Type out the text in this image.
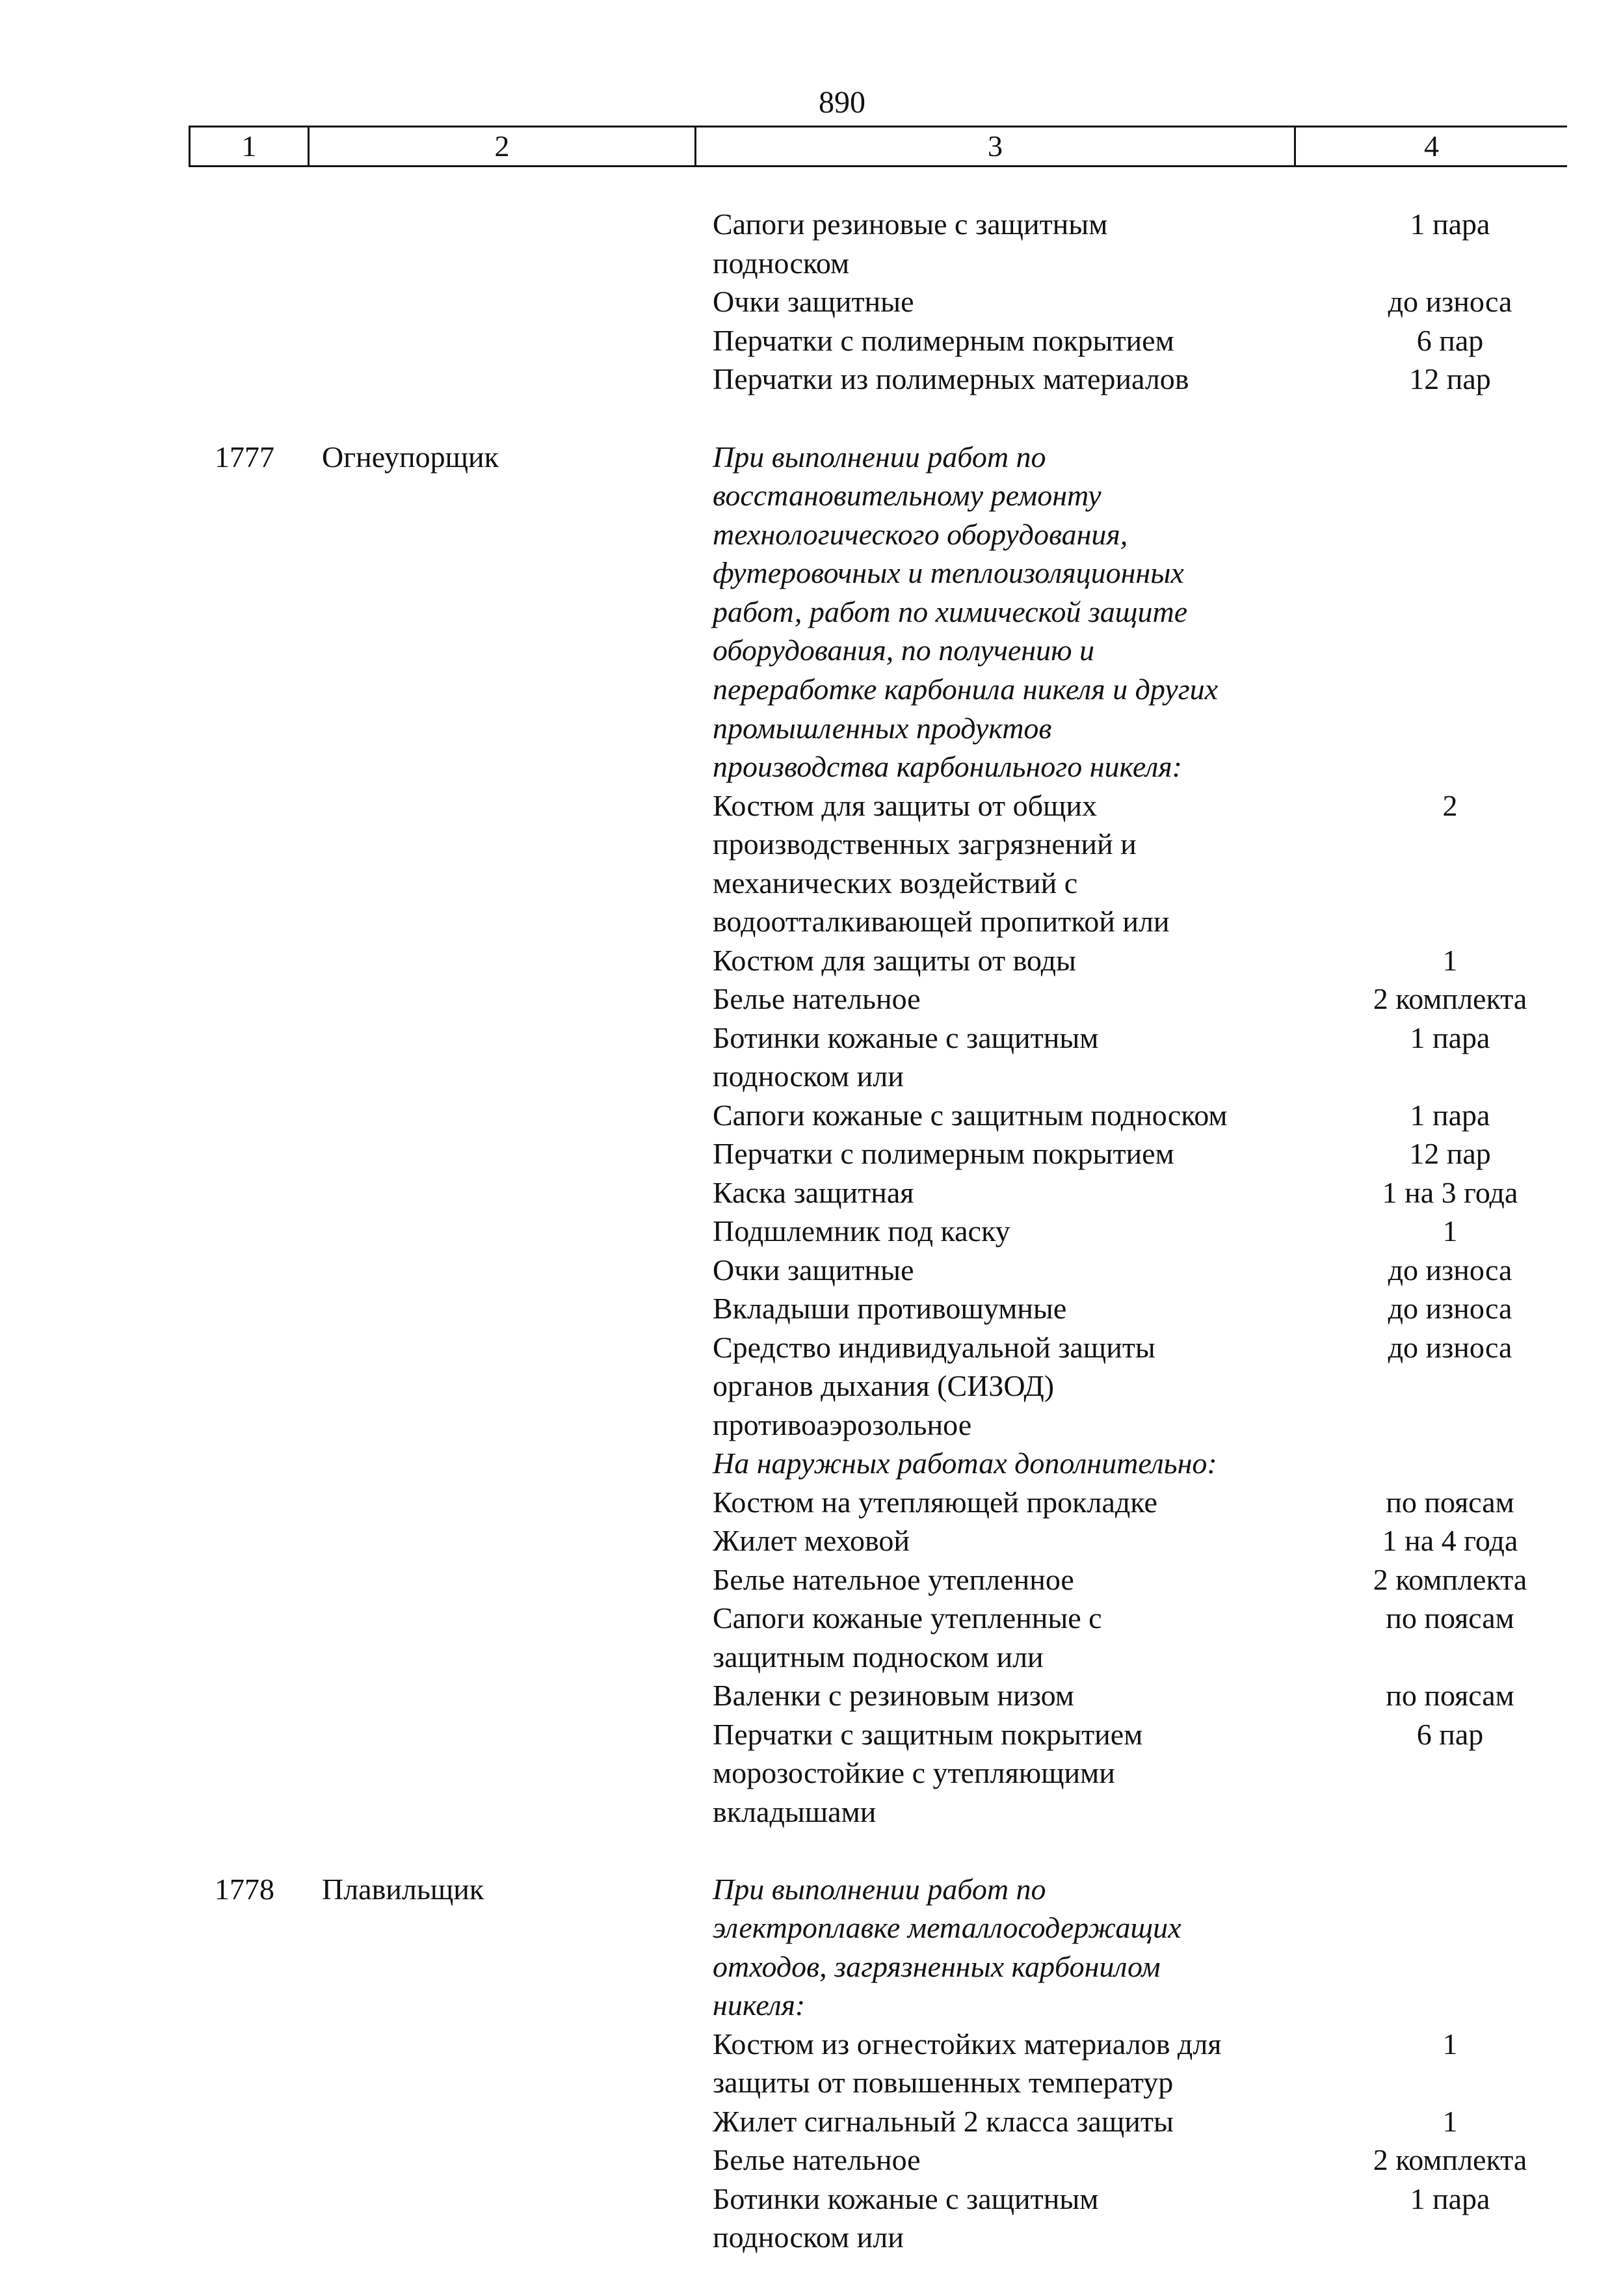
890
1	2	3	4
Сапоги резиновые с защитным	1 пара
подноском
Очки защитные	до износа
Перчатки с полимерным покрытием	6 пар
Перчатки из полимерных материалов	12 пар
1777 Огнеупорщик	При выполнении работ по
восстановительному ремонту
технологического оборудования,
футеровочных и теплоизоляционных
работ, работ по химической защите
оборудования, по получению и
переработке карбонила никеля и других
промышленных продуктов
производства карбонильного никеля:
Костюм для защиты от общих	2
производственных загрязнений и
механических воздействий с
водоотталкивающей пропиткой или
Костюм для защиты от воды	1
Белье нательное	2 комплекта
Ботинки кожаные с защитным	1 пара
подноском или
Сапоги кожаные с защитным подноском	1 пара
Перчатки с полимерным покрытием	12 пар
Каска защитная	1 на 3 года
Подшлемник под каску	1
Очки защитные	до износа
Вкладыши противошумные	до износа
Средство индивидуальной защиты	до износа
органов дыхания (СИЗОД)
противоаэрозольное
На наружных работах дополнительно:
Костюм на утепляющей прокладке	по поясам
Жилет меховой	1 на 4 года
Белье нательное утепленное	2 комплекта
Сапоги кожаные утепленные с	по поясам
защитным подноском или
Валенки с резиновым низом	по поясам
Перчатки с защитным покрытием	6 пар
морозостойкие с утепляющими
вкладышами
1778 Плавильщик	При выполнении работ по
электроплавке металлосодержащих
отходов, загрязненных карбонилом
никеля:
Костюм из огнестойких материалов для	1
защиты от повышенных температур
Жилет сигнальный 2 класса защиты	1
Белье нательное	2 комплекта
Ботинки кожаные с защитным	1 пара
подноском или
